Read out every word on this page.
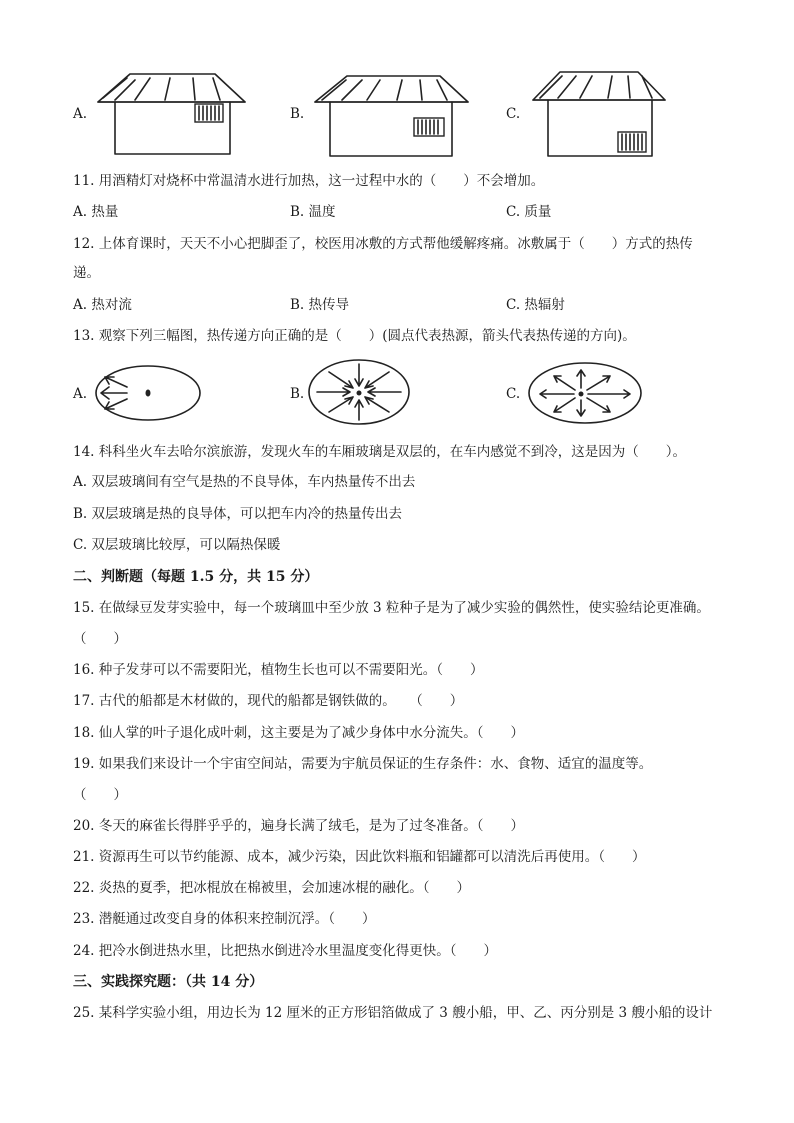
A.	B.	C.
11. 用酒精灯对烧杯中常温清水进行加热，这一过程中水的（　　）不会增加。
A. 热量	B. 温度	C. 质量
12. 上体育课时，天天不小心把脚歪了，校医用冰敷的方式帮他缓解疼痛。冰敷属于（　　）方式的热传
递。
A. 热对流	B. 热传导	C. 热辐射
13. 观察下列三幅图，热传递方向正确的是（　　）(圆点代表热源，箭头代表热传递的方向)。
A.	B.	C.
14. 科科坐火车去哈尔滨旅游，发现火车的车厢玻璃是双层的，在车内感觉不到冷，这是因为（　　）。
A. 双层玻璃间有空气是热的不良导体，车内热量传不出去
B. 双层玻璃是热的良导体，可以把车内冷的热量传出去
C. 双层玻璃比较厚，可以隔热保暖
二、判断题（每题 1.5 分，共 15 分）
15. 在做绿豆发芽实验中，每一个玻璃皿中至少放 3 粒种子是为了减少实验的偶然性，使实验结论更准确。
（　　）
16. 种子发芽可以不需要阳光，植物生长也可以不需要阳光。（　　）
17. 古代的船都是木材做的，现代的船都是钢铁做的。　　（　　）
18. 仙人掌的叶子退化成叶刺，这主要是为了减少身体中水分流失。（　　）
19. 如果我们来设计一个宇宙空间站，需要为宇航员保证的生存条件：水、食物、适宜的温度等。
（　　）
20. 冬天的麻雀长得胖乎乎的，遍身长满了绒毛，是为了过冬准备。（　　）
21. 资源再生可以节约能源、成本，减少污染，因此饮料瓶和铝罐都可以清洗后再使用。（　　）
22. 炎热的夏季，把冰棍放在棉被里，会加速冰棍的融化。（　　）
23. 潜艇通过改变自身的体积来控制沉浮。（　　）
24. 把冷水倒进热水里，比把热水倒进冷水里温度变化得更快。（　　）
三、实践探究题：（共 14 分）
25. 某科学实验小组，用边长为 12 厘米的正方形铝箔做成了 3 艘小船，甲、乙、丙分别是 3 艘小船的设计
